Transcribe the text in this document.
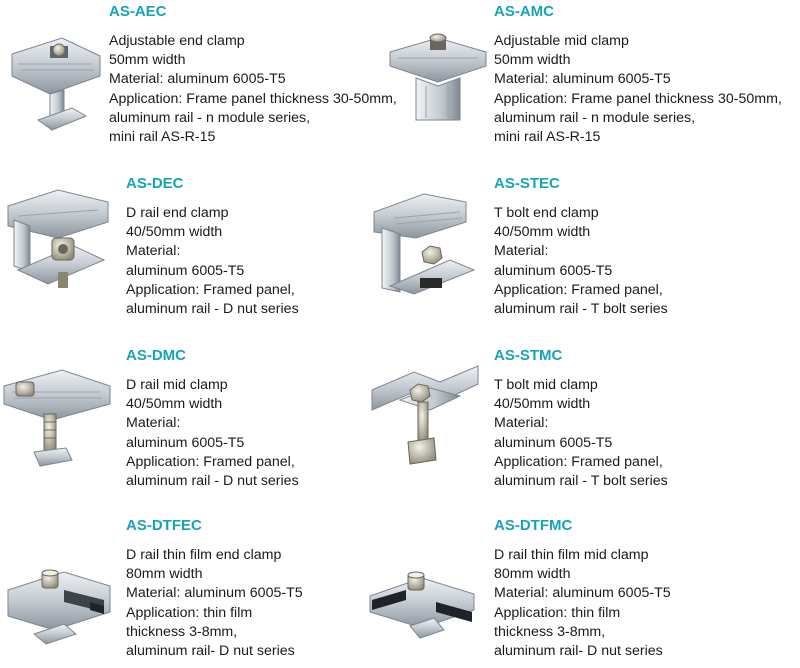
AS-AEC
Adjustable end clamp
50mm width
Material: aluminum 6005-T5
Application: Frame panel thickness 30-50mm,
aluminum rail - n module series,
mini rail AS-R-15
AS-AMC
Adjustable mid clamp
50mm width
Material: aluminum 6005-T5
Application: Frame panel thickness 30-50mm,
aluminum rail - n module series,
mini rail AS-R-15
AS-DEC
D rail end clamp
40/50mm width
Material:
aluminum 6005-T5
Application: Framed panel,
aluminum rail - D nut series
AS-STEC
T bolt end clamp
40/50mm width
Material:
aluminum 6005-T5
Application: Framed panel,
aluminum rail - T bolt series
AS-DMC
D rail mid clamp
40/50mm width
Material:
aluminum 6005-T5
Application: Framed panel,
aluminum rail - D nut series
AS-STMC
T bolt mid clamp
40/50mm width
Material:
aluminum 6005-T5
Application: Framed panel,
aluminum rail - T bolt series
AS-DTFEC
D rail thin film end clamp
80mm width
Material: aluminum 6005-T5
Application: thin film
thickness 3-8mm,
aluminum rail- D nut series
AS-DTFMC
D rail thin film mid clamp
80mm width
Material: aluminum 6005-T5
Application: thin film
thickness 3-8mm,
aluminum rail- D nut series
